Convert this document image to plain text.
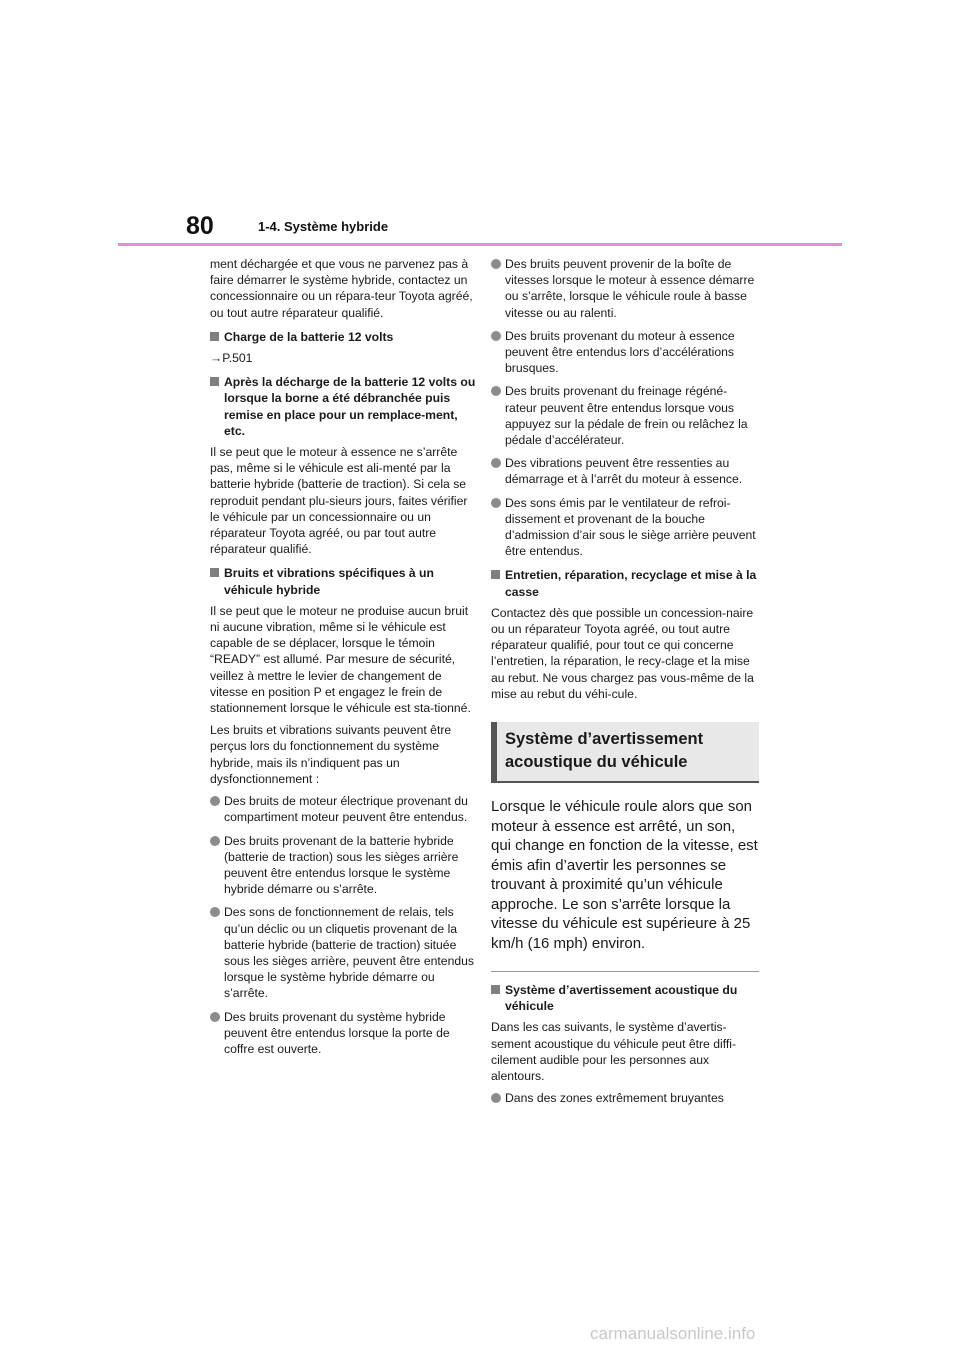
80	1-4. Système hybride

ment déchargée et que vous ne parvenez pas à faire démarrer le système hybride, contactez un concessionnaire ou un répara-teur Toyota agréé, ou tout autre réparateur qualifié.

Charge de la batterie 12 volts

→P.501

Après la décharge de la batterie 12 volts ou lorsque la borne a été débranchée puis remise en place pour un remplace-ment, etc.

Il se peut que le moteur à essence ne s’arrête pas, même si le véhicule est ali-menté par la batterie hybride (batterie de traction). Si cela se reproduit pendant plu-sieurs jours, faites vérifier le véhicule par un concessionnaire ou un réparateur Toyota agréé, ou par tout autre réparateur qualifié.

Bruits et vibrations spécifiques à un véhicule hybride

Il se peut que le moteur ne produise aucun bruit ni aucune vibration, même si le véhicule est capable de se déplacer, lorsque le témoin “READY” est allumé. Par mesure de sécurité, veillez à mettre le levier de changement de vitesse en position P et engagez le frein de stationnement lorsque le véhicule est sta-tionné.

Les bruits et vibrations suivants peuvent être perçus lors du fonctionnement du système hybride, mais ils n’indiquent pas un dysfonctionnement :

Des bruits de moteur électrique provenant du compartiment moteur peuvent être entendus.
Des bruits provenant de la batterie hybride (batterie de traction) sous les sièges arrière peuvent être entendus lorsque le système hybride démarre ou s’arrête.
Des sons de fonctionnement de relais, tels qu’un déclic ou un cliquetis provenant de la batterie hybride (batterie de traction) située sous les sièges arrière, peuvent être entendus lorsque le système hybride démarre ou s’arrête.
Des bruits provenant du système hybride peuvent être entendus lorsque la porte de coffre est ouverte.
Des bruits peuvent provenir de la boîte de vitesses lorsque le moteur à essence démarre ou s’arrête, lorsque le véhicule roule à basse vitesse ou au ralenti.
Des bruits provenant du moteur à essence peuvent être entendus lors d’accélérations brusques.
Des bruits provenant du freinage régéné-rateur peuvent être entendus lorsque vous appuyez sur la pédale de frein ou relâchez la pédale d’accélérateur.
Des vibrations peuvent être ressenties au démarrage et à l’arrêt du moteur à essence.
Des sons émis par le ventilateur de refroi-dissement et provenant de la bouche d’admission d’air sous le siège arrière peuvent être entendus.
Entretien, réparation, recyclage et mise à la casse

Contactez dès que possible un concession-naire ou un réparateur Toyota agréé, ou tout autre réparateur qualifié, pour tout ce qui concerne l’entretien, la réparation, le recy-clage et la mise au rebut. Ne vous chargez pas vous-même de la mise au rebut du véhi-cule.

Système d’avertissement acoustique du véhicule

Lorsque le véhicule roule alors que son moteur à essence est arrêté, un son, qui change en fonction de la vitesse, est émis afin d’avertir les personnes se trouvant à proximité qu’un véhicule approche. Le son s’arrête lorsque la vitesse du véhicule est supérieure à 25 km/h (16 mph) environ.

Système d’avertissement acoustique du véhicule

Dans les cas suivants, le système d’avertis-sement acoustique du véhicule peut être diffi-cilement audible pour les personnes aux alentours.

Dans des zones extrêmement bruyantes
carmanualsonline.info
